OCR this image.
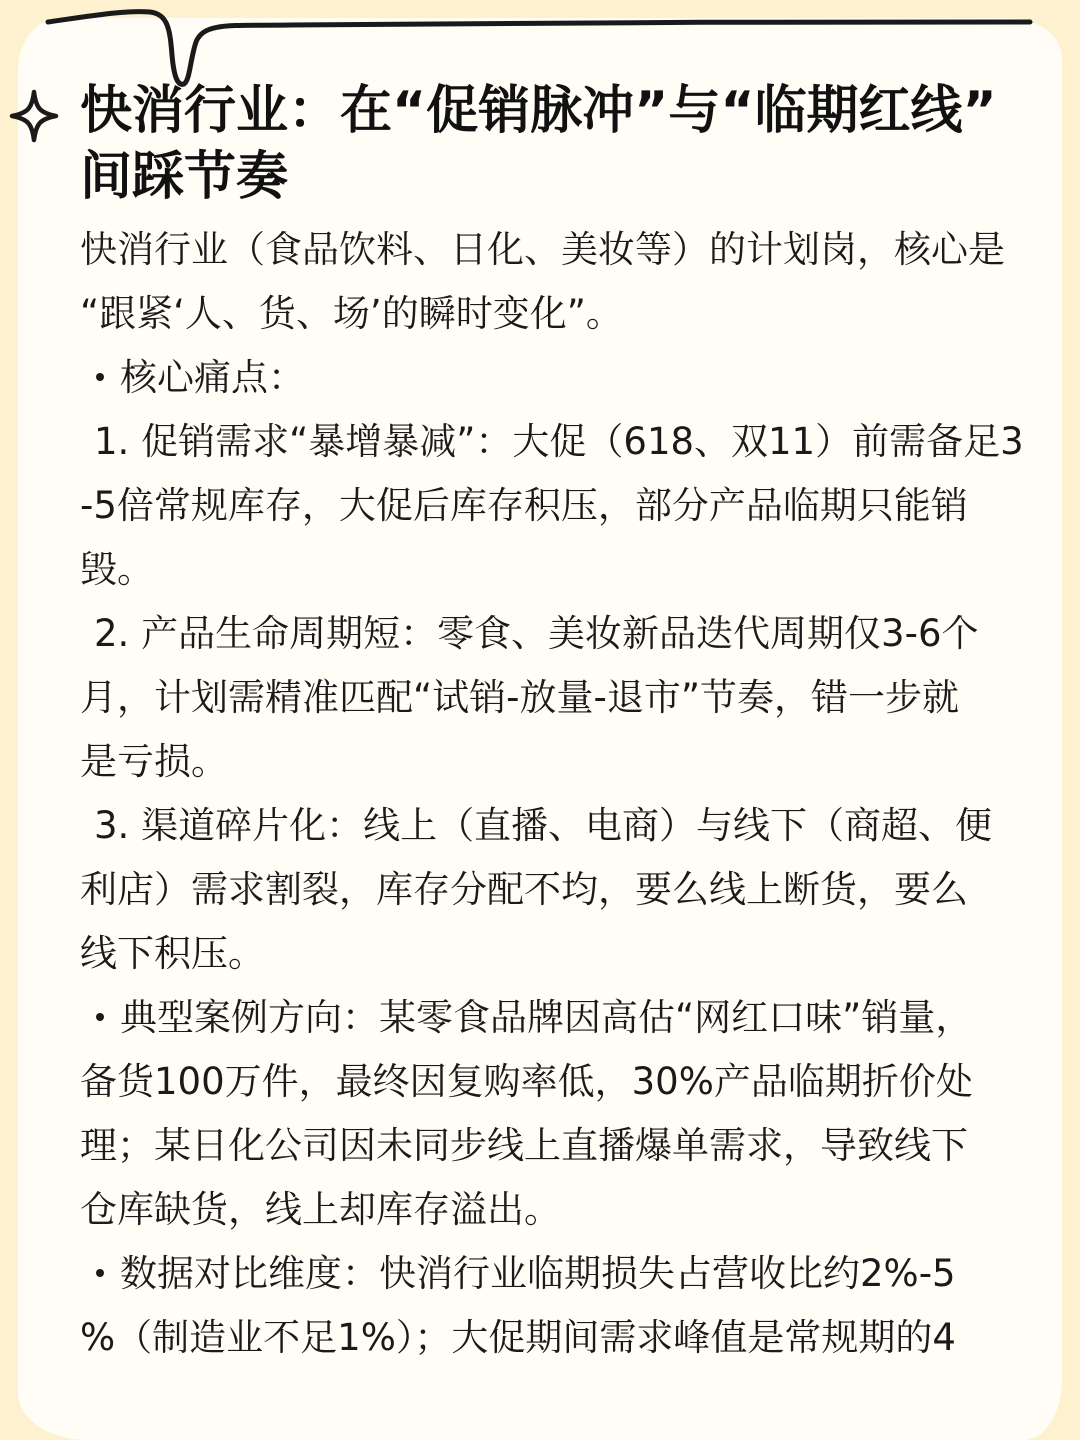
快消行业：在“促销脉冲”与“临期红线”
间踩节奏
快消行业（食品饮料、日化、美妆等）的计划岗，核心是
“跟紧‘人、货、场’的瞬时变化”。
核心痛点：
1. 促销需求“暴增暴减”：大促（618、双11）前需备足3
-5倍常规库存，大促后库存积压，部分产品临期只能销
毁。
2. 产品生命周期短：零食、美妆新品迭代周期仅3-6个
月，计划需精准匹配“试销-放量-退市”节奏，错一步就
是亏损。
3. 渠道碎片化：线上（直播、电商）与线下（商超、便
利店）需求割裂，库存分配不均，要么线上断货，要么
线下积压。
典型案例方向：某零食品牌因高估“网红口味”销量，
备货100万件，最终因复购率低，30%产品临期折价处
理；某日化公司因未同步线上直播爆单需求，导致线下
仓库缺货，线上却库存溢出。
数据对比维度：快消行业临期损失占营收比约2%-5
%（制造业不足1%）；大促期间需求峰值是常规期的4
